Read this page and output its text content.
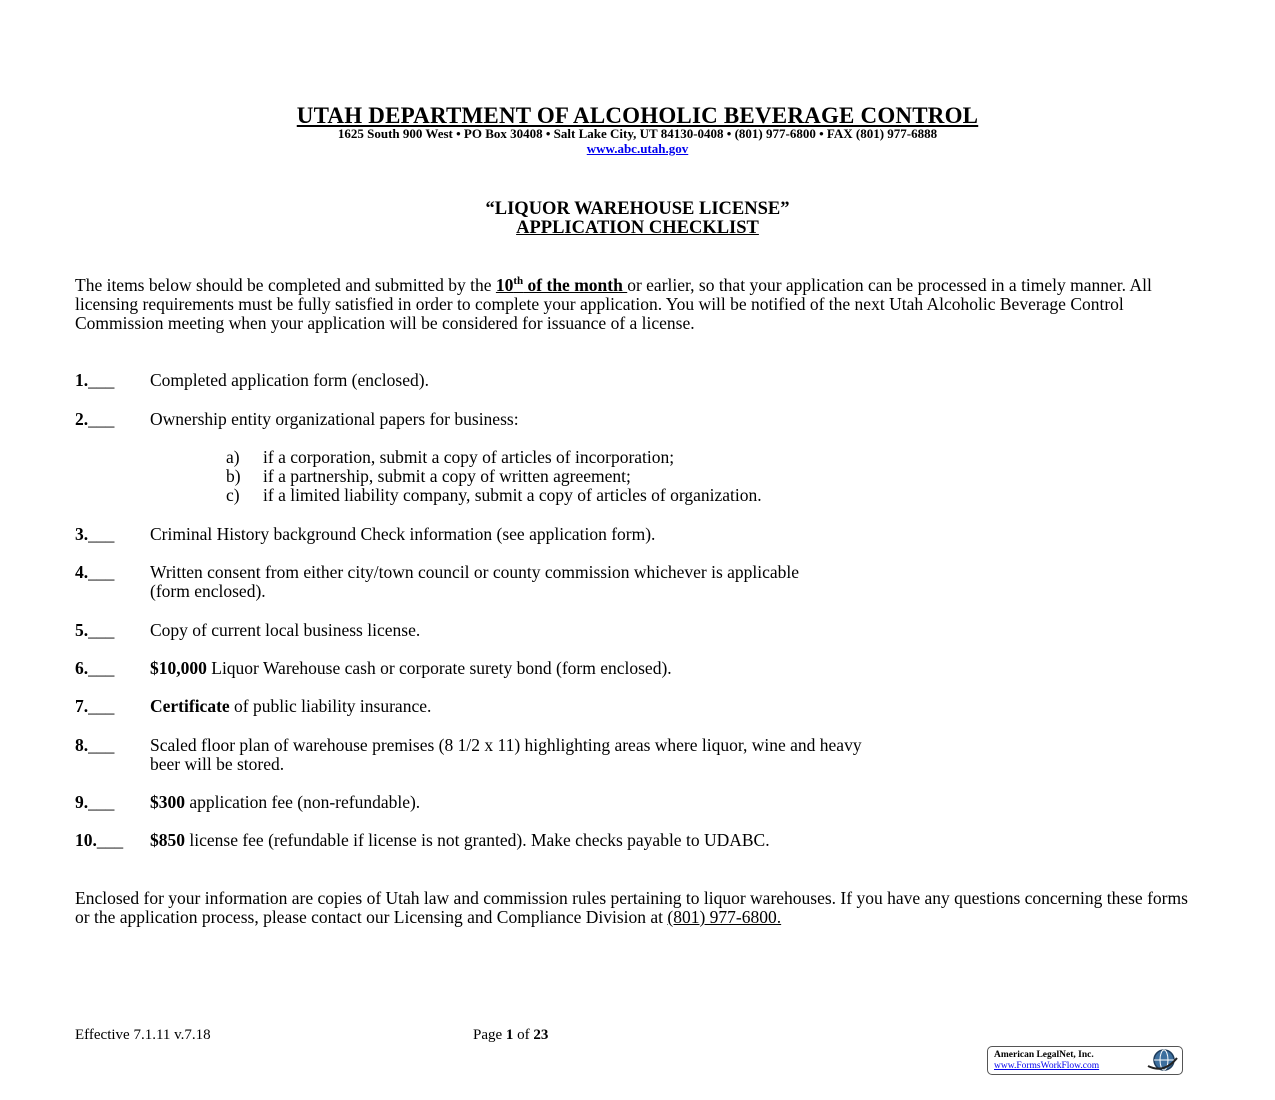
UTAH DEPARTMENT OF ALCOHOLIC BEVERAGE CONTROL
1625 South 900 West • PO Box 30408 • Salt Lake City, UT 84130-0408 • (801) 977-6800 • FAX (801) 977-6888
www.abc.utah.gov
“LIQUOR WAREHOUSE LICENSE”
APPLICATION CHECKLIST
The items below should be completed and submitted by the 10th of the month or earlier, so that your application can be processed in a timely manner. All licensing requirements must be fully satisfied in order to complete your application. You will be notified of the next Utah Alcoholic Beverage Control Commission meeting when your application will be considered for issuance of a license.
1.___ Completed application form (enclosed).
2.___ Ownership entity organizational papers for business:
a) if a corporation, submit a copy of articles of incorporation;
b) if a partnership, submit a copy of written agreement;
c) if a limited liability company, submit a copy of articles of organization.
3.___ Criminal History background Check information (see application form).
4.___ Written consent from either city/town council or county commission whichever is applicable
(form enclosed).
5.___ Copy of current local business license.
6.___ $10,000 Liquor Warehouse cash or corporate surety bond (form enclosed).
7.___ Certificate of public liability insurance.
8.___ Scaled floor plan of warehouse premises (8 1/2 x 11) highlighting areas where liquor, wine and heavy
beer will be stored.
9.___ $300 application fee (non-refundable).
10.___ $850 license fee (refundable if license is not granted). Make checks payable to UDABC.
Enclosed for your information are copies of Utah law and commission rules pertaining to liquor warehouses. If you have any questions concerning these forms or the application process, please contact our Licensing and Compliance Division at (801) 977-6800.
Effective 7.1.11 v.7.18	Page 1 of 23
American LegalNet, Inc.
www.FormsWorkFlow.com
